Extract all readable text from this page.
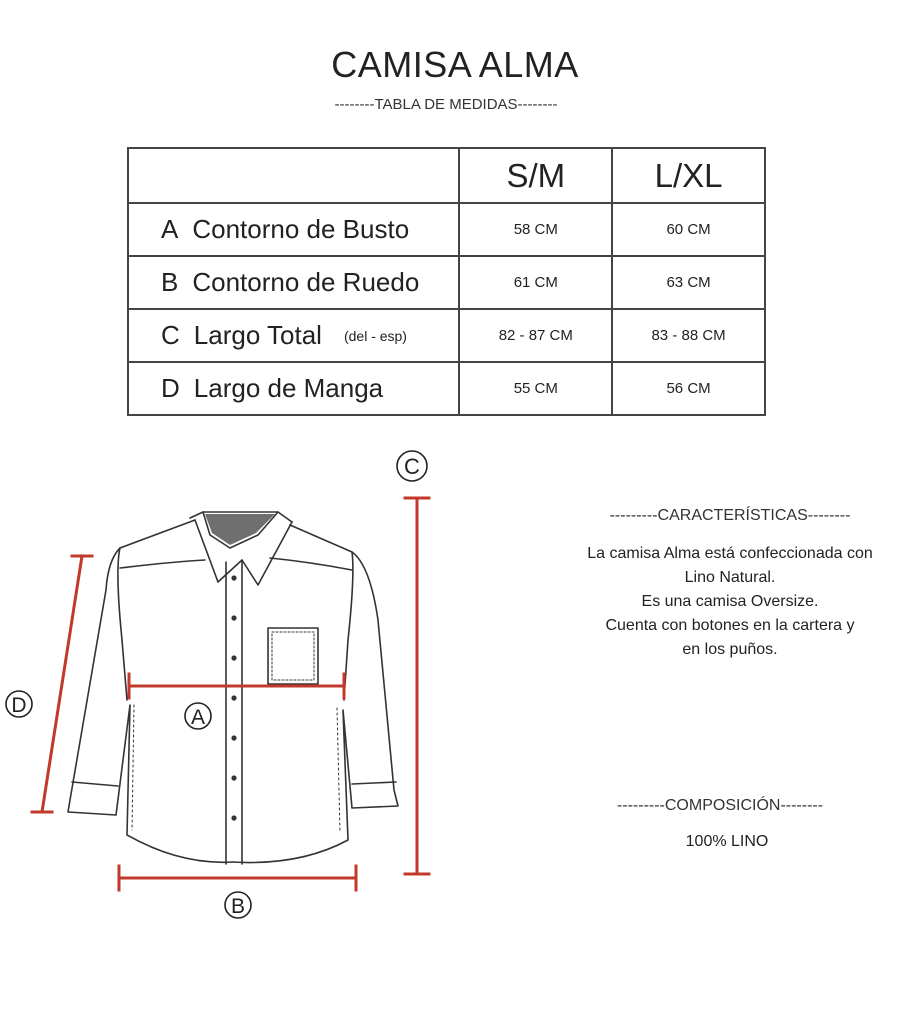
CAMISA ALMA
--------TABLA DE MEDIDAS--------
	S/M	L/XL
A Contorno de Busto	58 CM	60 CM
B Contorno de Ruedo	61 CM	63 CM
C Largo Total (del - esp)	82 - 87 CM	83 - 88 CM
D Largo de Manga	55 CM	56 CM
A
B
C
D
---------CARACTERÍSTICAS--------
La camisa Alma está confeccionada con
Lino Natural.
Es una camisa Oversize.
Cuenta con botones en la cartera y
en los puños.
---------COMPOSICIÓN--------
100% LINO
